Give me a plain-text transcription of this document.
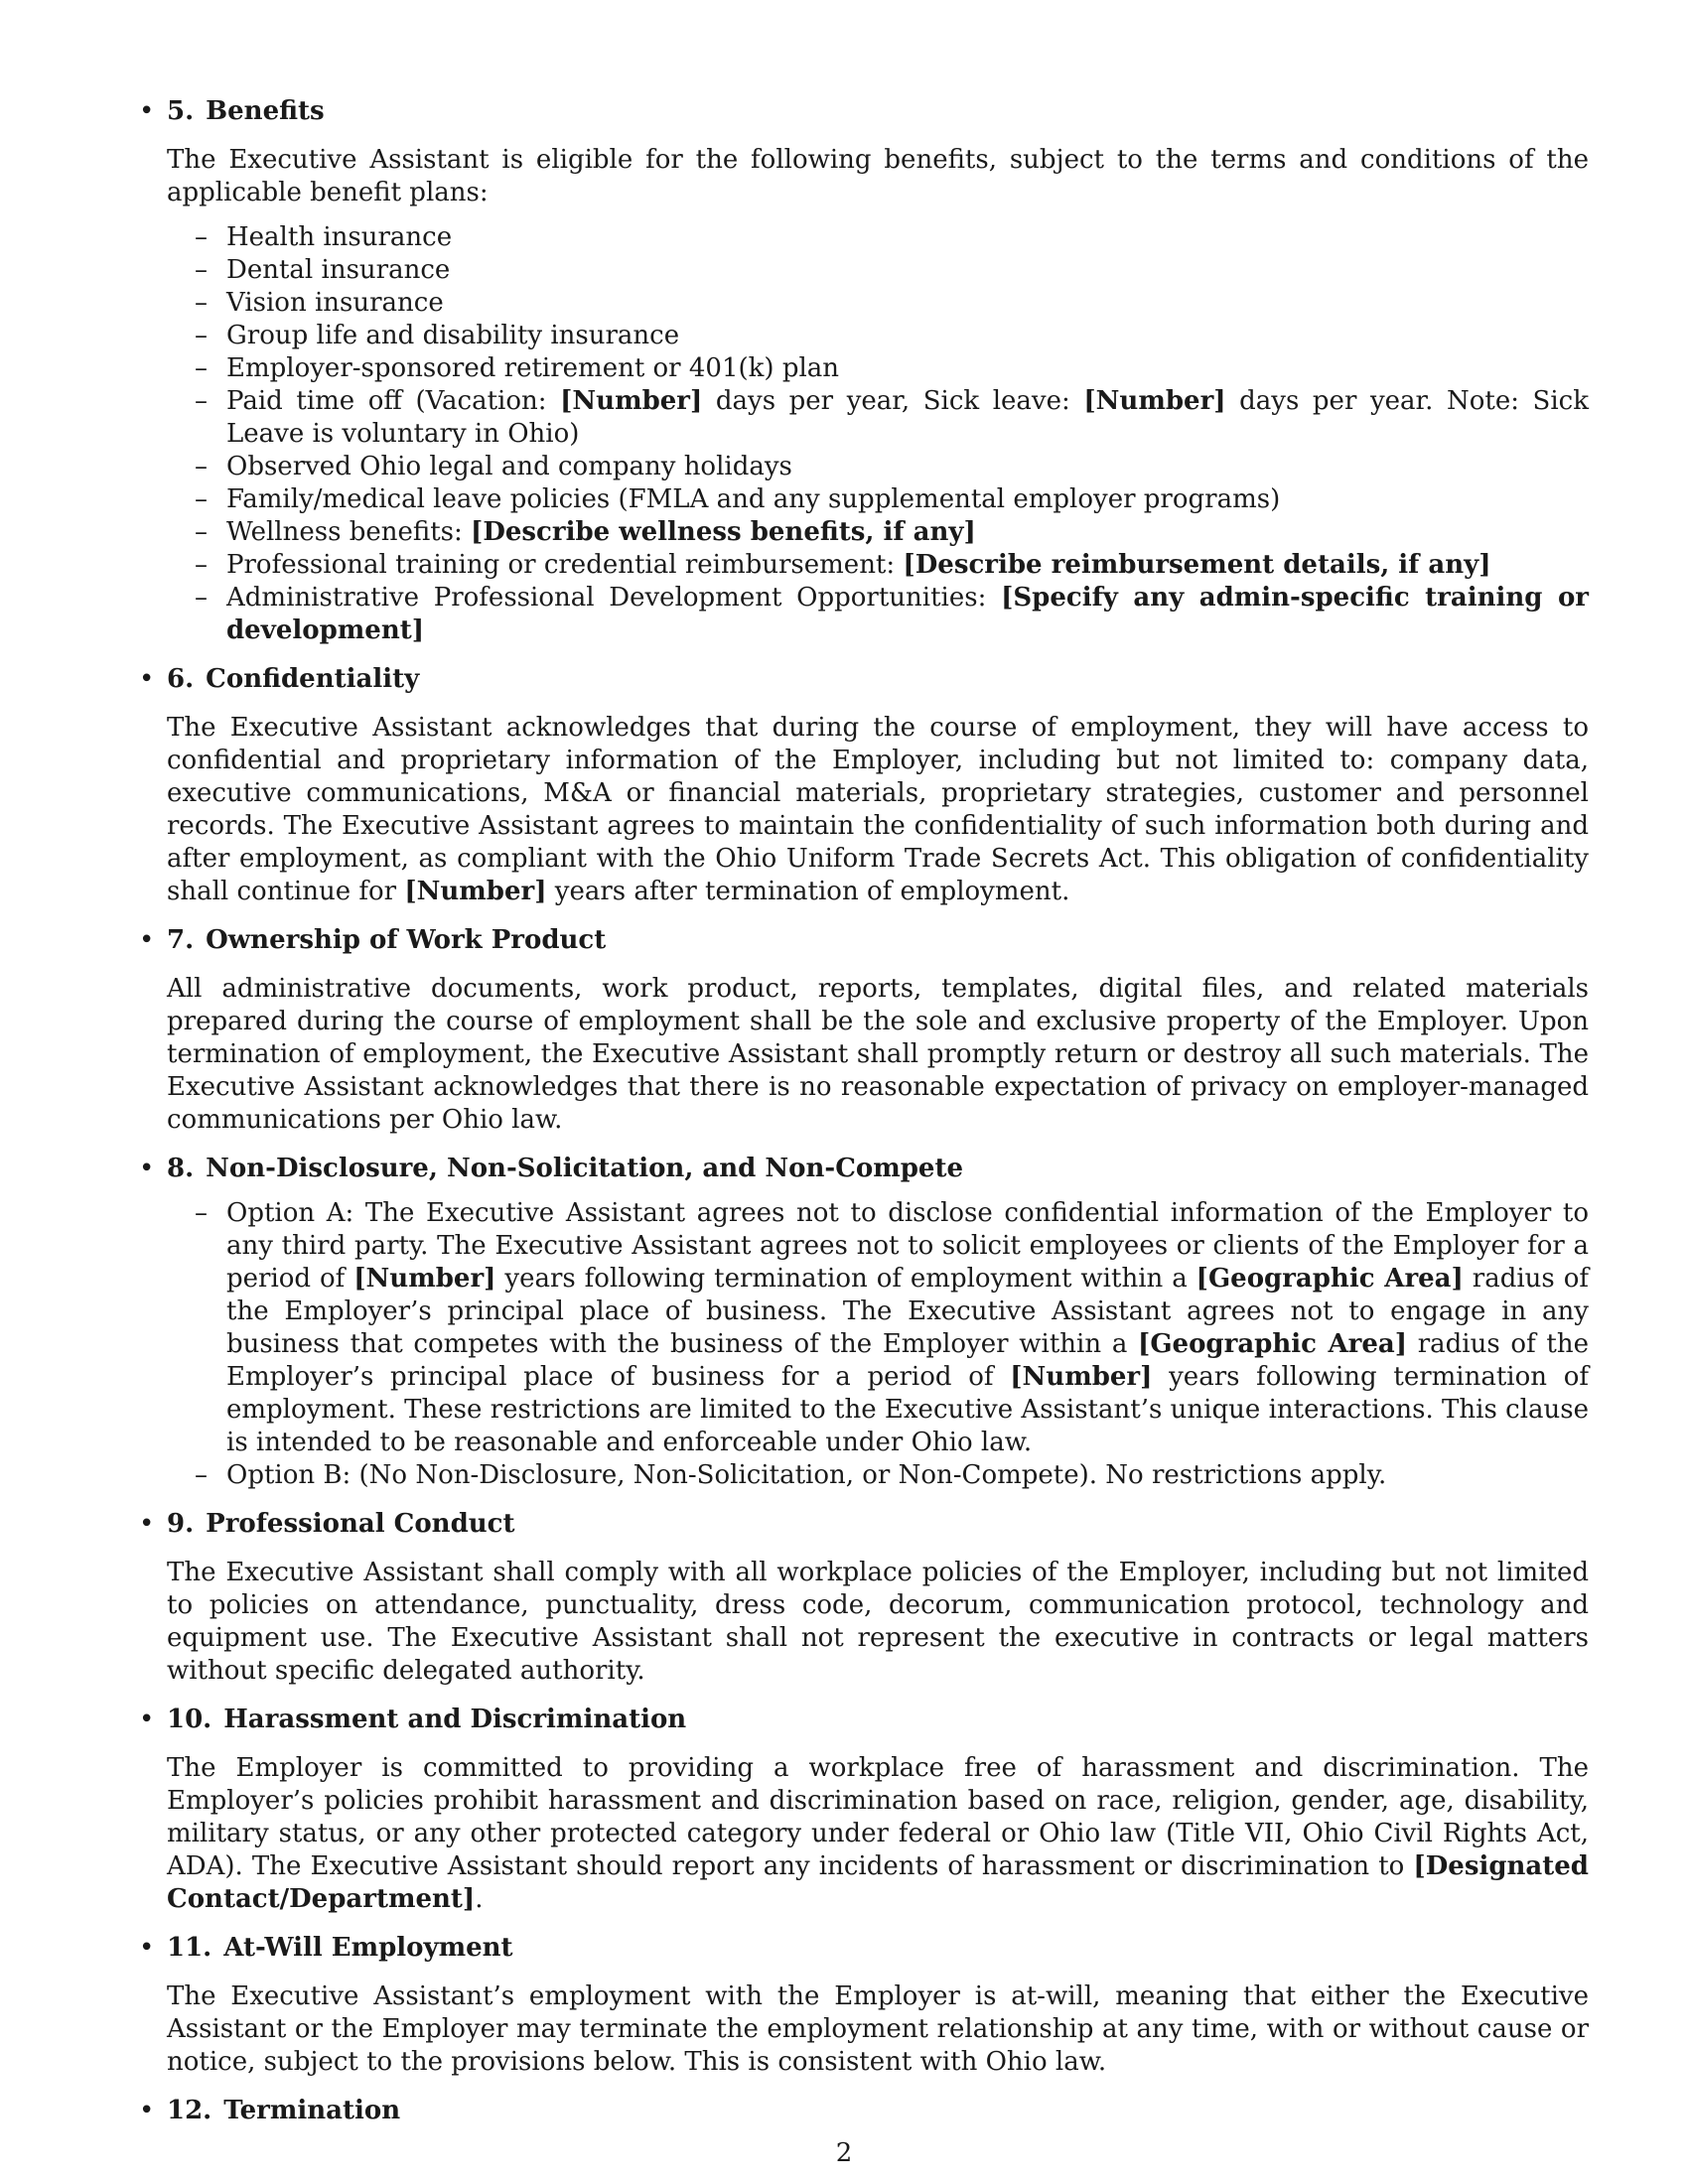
• 5. Benefits

The Executive Assistant is eligible for the following benefits, subject to the terms and conditions of the applicable benefit plans:

– Health insurance
– Dental insurance
– Vision insurance
– Group life and disability insurance
– Employer-sponsored retirement or 401(k) plan
– Paid time off (Vacation: [Number] days per year, Sick leave: [Number] days per year. Note: Sick Leave is voluntary in Ohio)
– Observed Ohio legal and company holidays
– Family/medical leave policies (FMLA and any supplemental employer programs)
– Wellness benefits: [Describe wellness benefits, if any]
– Professional training or credential reimbursement: [Describe reimbursement details, if any]
– Administrative Professional Development Opportunities: [Specify any admin-specific training or development]

• 6. Confidentiality

The Executive Assistant acknowledges that during the course of employment, they will have access to confidential and proprietary information of the Employer, including but not limited to: company data, executive communications, M&A or financial materials, proprietary strategies, customer and personnel records. The Executive Assistant agrees to maintain the confidentiality of such information both during and after employment, as compliant with the Ohio Uniform Trade Secrets Act. This obligation of confidentiality shall continue for [Number] years after termination of employment.

• 7. Ownership of Work Product

All administrative documents, work product, reports, templates, digital files, and related materials prepared during the course of employment shall be the sole and exclusive property of the Employer. Upon termination of employment, the Executive Assistant shall promptly return or destroy all such materials. The Executive Assistant acknowledges that there is no reasonable expectation of privacy on employer-managed communications per Ohio law.

• 8. Non-Disclosure, Non-Solicitation, and Non-Compete

– Option A: The Executive Assistant agrees not to disclose confidential information of the Employer to any third party. The Executive Assistant agrees not to solicit employees or clients of the Employer for a period of [Number] years following termination of employment within a [Geographic Area] radius of the Employer’s principal place of business. The Executive Assistant agrees not to engage in any business that competes with the business of the Employer within a [Geographic Area] radius of the Employer’s principal place of business for a period of [Number] years following termination of employment. These restrictions are limited to the Executive Assistant’s unique interactions. This clause is intended to be reasonable and enforceable under Ohio law.
– Option B: (No Non-Disclosure, Non-Solicitation, or Non-Compete). No restrictions apply.

• 9. Professional Conduct

The Executive Assistant shall comply with all workplace policies of the Employer, including but not limited to policies on attendance, punctuality, dress code, decorum, communication protocol, technology and equipment use. The Executive Assistant shall not represent the executive in contracts or legal matters without specific delegated authority.

• 10. Harassment and Discrimination

The Employer is committed to providing a workplace free of harassment and discrimination. The Employer’s policies prohibit harassment and discrimination based on race, religion, gender, age, disability, military status, or any other protected category under federal or Ohio law (Title VII, Ohio Civil Rights Act, ADA). The Executive Assistant should report any incidents of harassment or discrimination to [Designated Contact/Department].

• 11. At-Will Employment

The Executive Assistant’s employment with the Employer is at-will, meaning that either the Executive Assistant or the Employer may terminate the employment relationship at any time, with or without cause or notice, subject to the provisions below. This is consistent with Ohio law.

• 12. Termination

2
